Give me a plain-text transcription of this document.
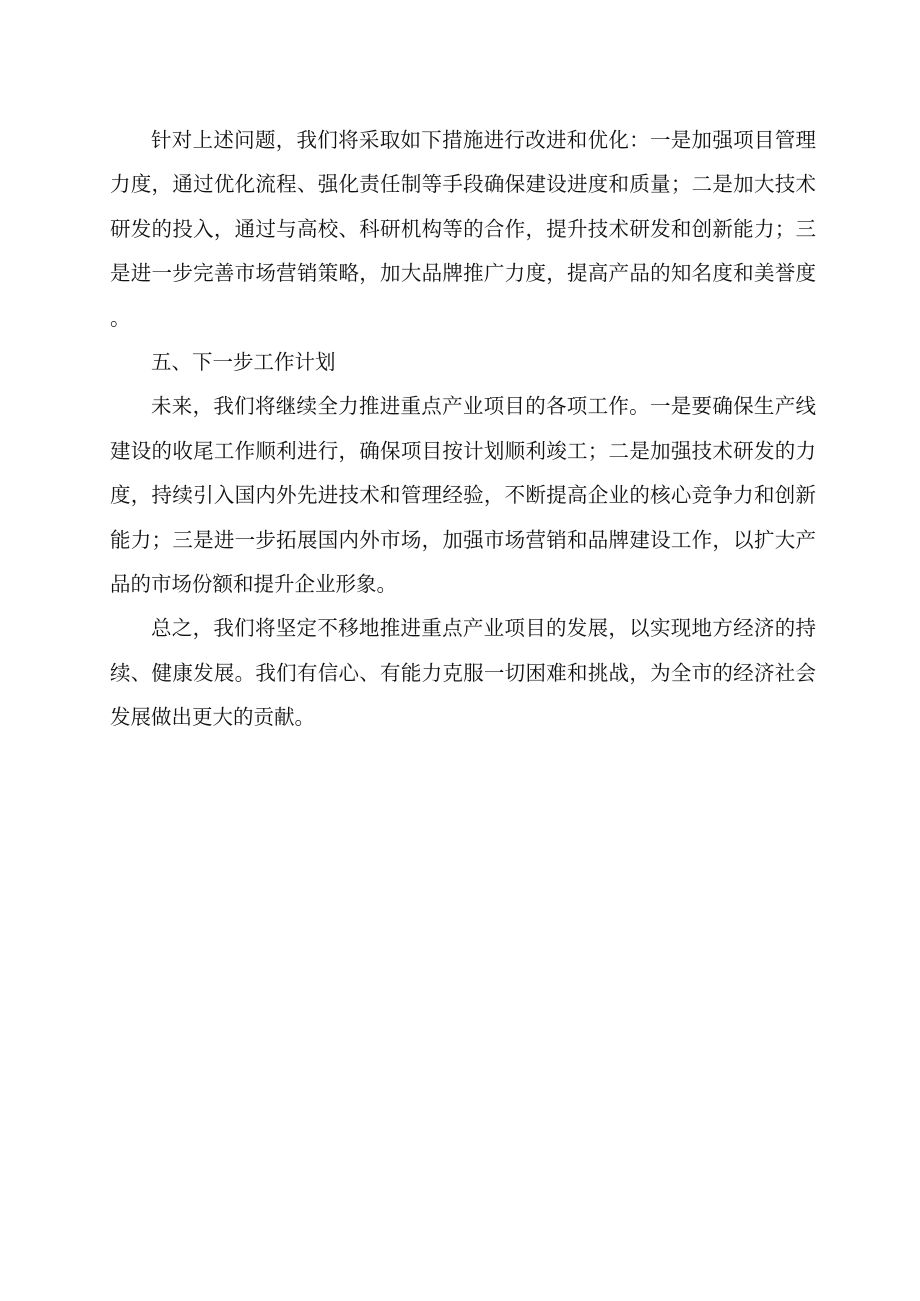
针对上述问题，我们将采取如下措施进行改进和优化：一是加强项目管理力度，通过优化流程、强化责任制等手段确保建设进度和质量；二是加大技术研发的投入，通过与高校、科研机构等的合作，提升技术研发和创新能力；三是进一步完善市场营销策略，加大品牌推广力度，提高产品的知名度和美誉度。

五、下一步工作计划

未来，我们将继续全力推进重点产业项目的各项工作。一是要确保生产线建设的收尾工作顺利进行，确保项目按计划顺利竣工；二是加强技术研发的力度，持续引入国内外先进技术和管理经验，不断提高企业的核心竞争力和创新能力；三是进一步拓展国内外市场，加强市场营销和品牌建设工作，以扩大产品的市场份额和提升企业形象。

总之，我们将坚定不移地推进重点产业项目的发展，以实现地方经济的持续、健康发展。我们有信心、有能力克服一切困难和挑战，为全市的经济社会发展做出更大的贡献。
